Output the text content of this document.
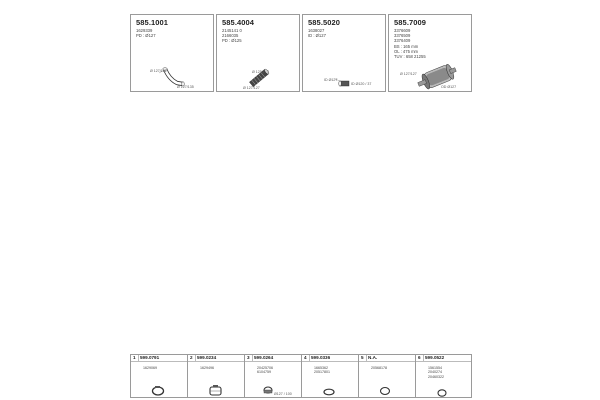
585.1001
1629339
PD : Ø127
Ø 127/122
Ø 127/135
585.4004
2145141 0
2166035
PD : Ø125
Ø 125/127
Ø 127/127
585.5020
1638027
ID : Ø127
ID Ø127
ID Ø120 / 37
585.7009
3376609
3376509
3376409
BS : 165 mm
OL : 475 mm
TUV : 658 21255
Ø 127/127
OD Ø127
1 599.0791
1629069
2 599.0234
1629496
3 599.0264
20425706
6104759
Ø127 / 100
4 599.0336
1665362
20517801
5 N.A.
20568178
6 599.0522
1561554
2040274
20460322
